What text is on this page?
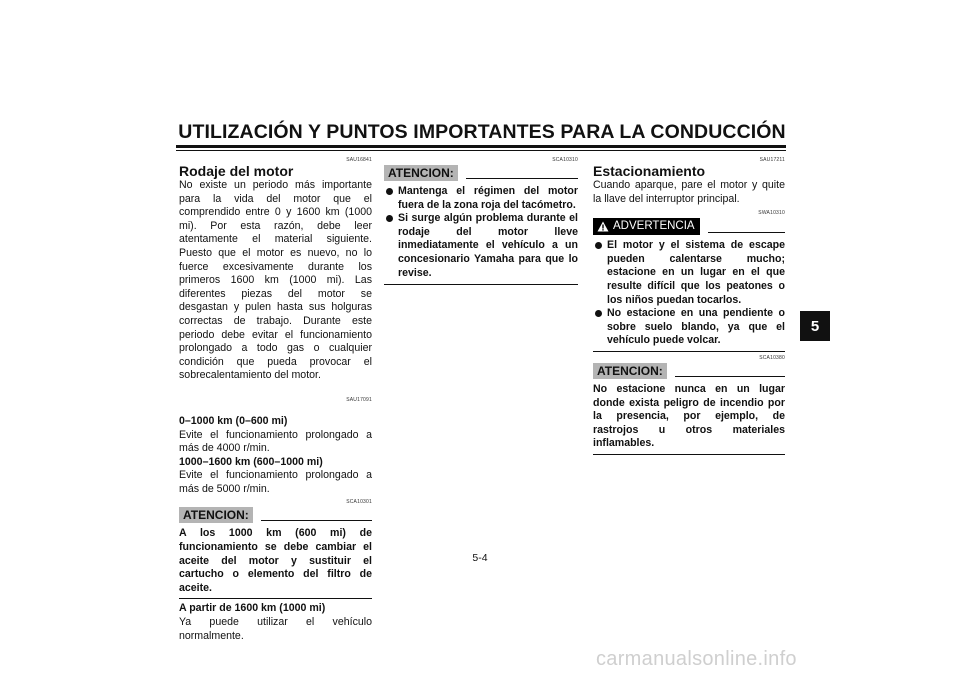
UTILIZACIÓN Y PUNTOS IMPORTANTES PARA LA CONDUCCIÓN
5
SAU16841
Rodaje del motor

No existe un periodo más importante para la vida del motor que el comprendido entre 0 y 1600 km (1000 mi). Por esta razón, debe leer atentamente el material siguiente. Puesto que el motor es nuevo, no lo fuerce excesivamente durante los primeros 1600 km (1000 mi). Las diferentes piezas del motor se desgastan y pulen hasta sus holguras correctas de trabajo. Durante este periodo debe evitar el funcionamiento prolongado a todo gas o cualquier condición que pueda provocar el sobrecalentamiento del motor.

SAU17091
0–1000 km (0–600 mi)

Evite el funcionamiento prolongado a más de 4000 r/min.

1000–1600 km (600–1000 mi)

Evite el funcionamiento prolongado a más de 5000 r/min.

SCA10301
ATENCION:

A los 1000 km (600 mi) de funcionamiento se debe cambiar el aceite del motor y sustituir el cartucho o elemento del filtro de aceite.

A partir de 1600 km (1000 mi)

Ya puede utilizar el vehículo normalmente.

SCA10310
ATENCION:
Mantenga el régimen del motor fuera de la zona roja del tacómetro.
Si surge algún problema durante el rodaje del motor lleve inmediatamente el vehículo a un concesionario Yamaha para que lo revise.
SAU17211
Estacionamiento

Cuando aparque, pare el motor y quite la llave del interruptor principal.

SWA10310
ADVERTENCIA
El motor y el sistema de escape pueden calentarse mucho; estacione en un lugar en el que resulte difícil que los peatones o los niños puedan tocarlos.
No estacione en una pendiente o sobre suelo blando, ya que el vehículo puede volcar.
SCA10380
ATENCION:

No estacione nunca en un lugar donde exista peligro de incendio por la presencia, por ejemplo, de rastrojos u otros materiales inflamables.

5-4
carmanualsonline.info
